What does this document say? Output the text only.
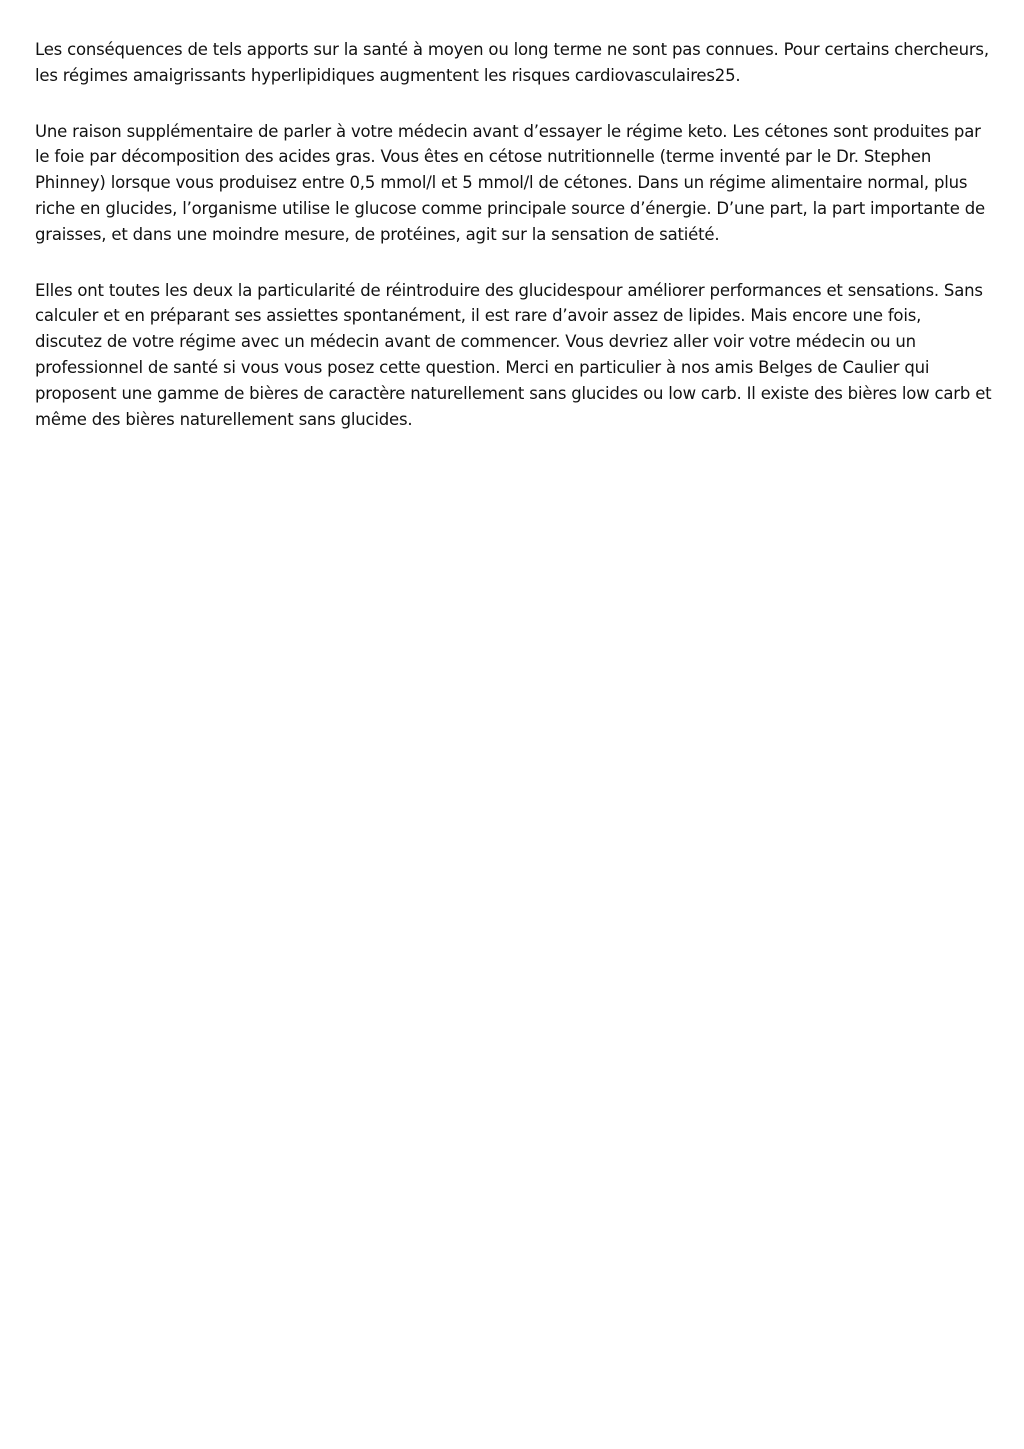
Les conséquences de tels apports sur la santé à moyen ou long terme ne sont pas connues. Pour certains chercheurs, les régimes amaigrissants hyperlipidiques augmentent les risques cardiovasculaires25.

Une raison supplémentaire de parler à votre médecin avant d’essayer le régime keto. Les cétones sont produites par le foie par décomposition des acides gras. Vous êtes en cétose nutritionnelle (terme inventé par le Dr. Stephen Phinney) lorsque vous produisez entre 0,5 mmol/l et 5 mmol/l de cétones. Dans un régime alimentaire normal, plus riche en glucides, l’organisme utilise le glucose comme principale source d’énergie. D’une part, la part importante de graisses, et dans une moindre mesure, de protéines, agit sur la sensation de satiété.

Elles ont toutes les deux la particularité de réintroduire des glucidespour améliorer performances et sensations. Sans calculer et en préparant ses assiettes spontanément, il est rare d’avoir assez de lipides. Mais encore une fois, discutez de votre régime avec un médecin avant de commencer. Vous devriez aller voir votre médecin ou un professionnel de santé si vous vous posez cette question. Merci en particulier à nos amis Belges de Caulier qui proposent une gamme de bières de caractère naturellement sans glucides ou low carb. Il existe des bières low carb et même des bières naturellement sans glucides.
